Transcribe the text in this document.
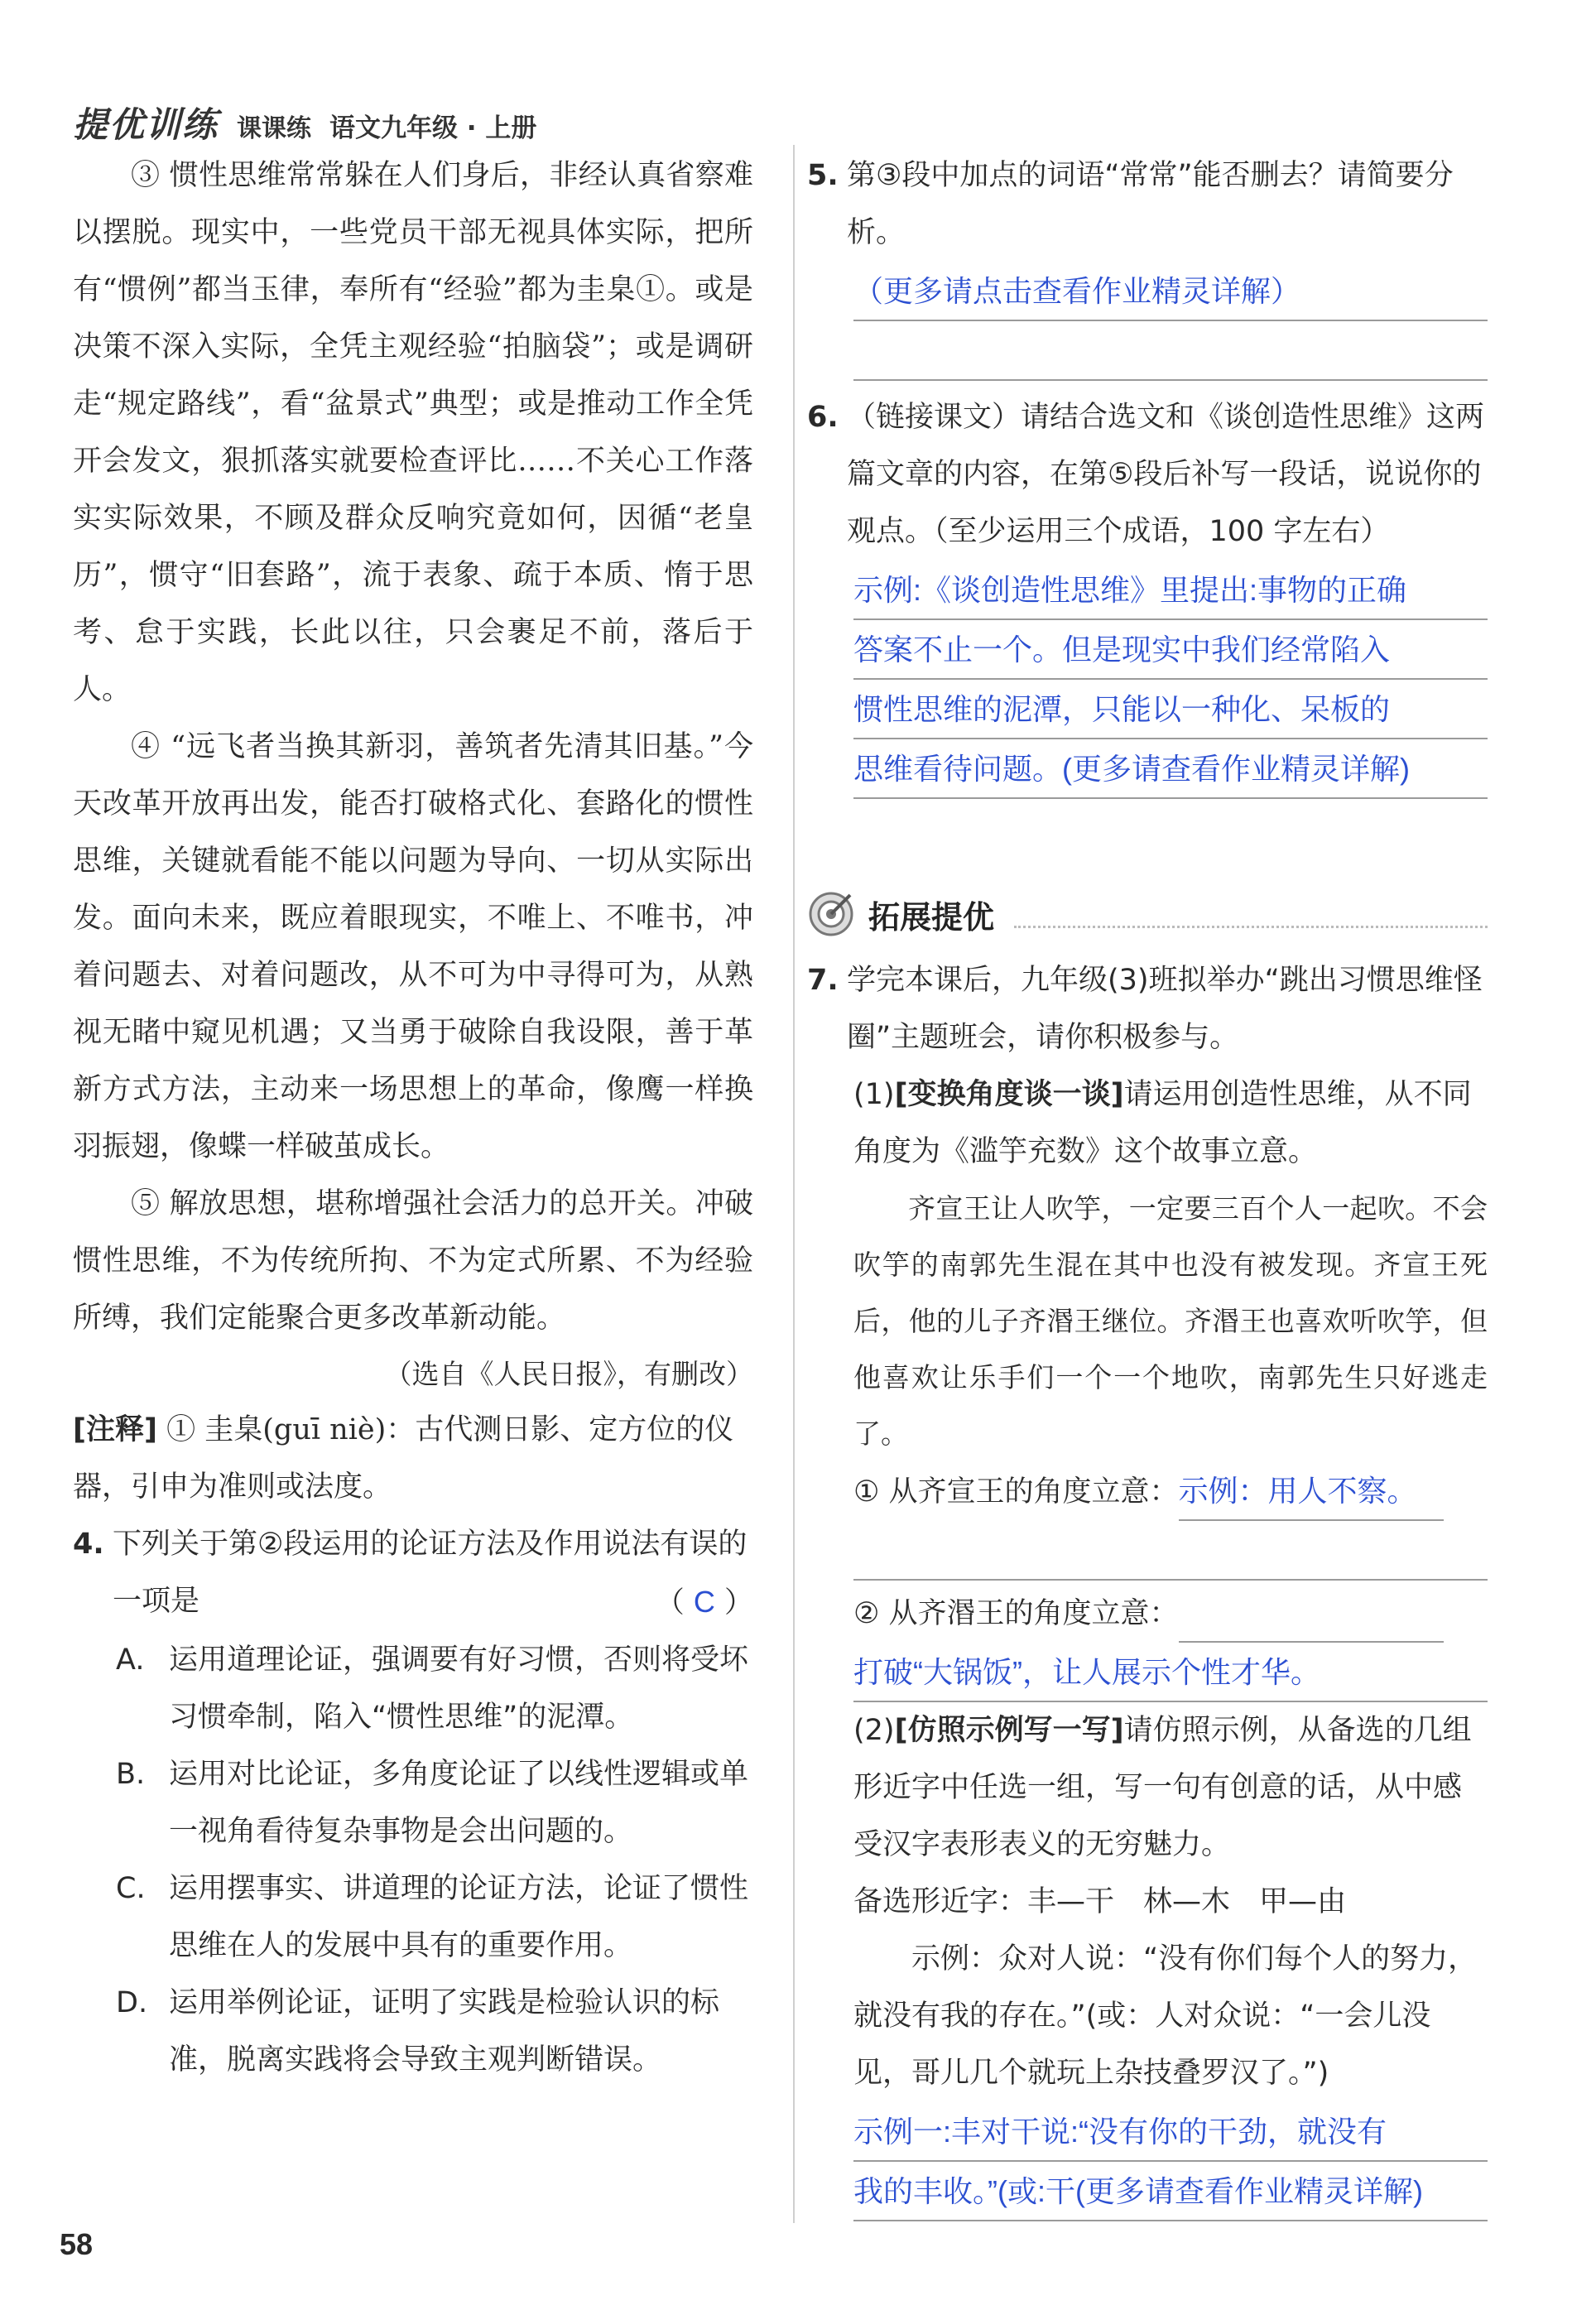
提优训练 课课练 语文九年级 · 上册

③ 惯性思维常常躲在人们身后，非经认真省察难以摆脱。现实中，一些党员干部无视具体实际，把所有“惯例”都当玉律，奉所有“经验”都为圭臬①。或是决策不深入实际，全凭主观经验“拍脑袋”；或是调研走“规定路线”，看“盆景式”典型；或是推动工作全凭开会发文，狠抓落实就要检查评比……不关心工作落实实际效果，不顾及群众反响究竟如何，因循“老皇历”，惯守“旧套路”，流于表象、疏于本质、惰于思考、怠于实践，长此以往，只会裹足不前，落后于人。

④ “远飞者当换其新羽，善筑者先清其旧基。”今天改革开放再出发，能否打破格式化、套路化的惯性思维，关键就看能不能以问题为导向、一切从实际出发。面向未来，既应着眼现实，不唯上、不唯书，冲着问题去、对着问题改，从不可为中寻得可为，从熟视无睹中窥见机遇；又当勇于破除自我设限，善于革新方式方法，主动来一场思想上的革命，像鹰一样换羽振翅，像蝶一样破茧成长。

⑤ 解放思想，堪称增强社会活力的总开关。冲破惯性思维，不为传统所拘、不为定式所累、不为经验所缚，我们定能聚合更多改革新动能。

（选自《人民日报》，有删改）

[注释] ① 圭臬(guī niè)：古代测日影、定方位的仪器，引申为准则或法度。

4. 下列关于第②段运用的论证方法及作用说法有误的一项是	（ C ）
A. 运用道理论证，强调要有好习惯，否则将受坏习惯牵制，陷入“惯性思维”的泥潭。
B. 运用对比论证，多角度论证了以线性逻辑或单一视角看待复杂事物是会出问题的。
C. 运用摆事实、讲道理的论证方法，论证了惯性思维在人的发展中具有的重要作用。
D. 运用举例论证，证明了实践是检验认识的标准，脱离实践将会导致主观判断错误。
5. 第③段中加点的词语“常常”能否删去？请简要分析。
（更多请点击查看作业精灵详解）
6. （链接课文）请结合选文和《谈创造性思维》这两篇文章的内容，在第⑤段后补写一段话，说说你的观点。（至少运用三个成语，100 字左右）
示例:《谈创造性思维》里提出:事物的正确
答案不止一个。但是现实中我们经常陷入
惯性思维的泥潭，只能以一种化、呆板的
思维看待问题。(更多请查看作业精灵详解)
拓展提优
7. 学完本课后，九年级(3)班拟举办“跳出习惯思维怪圈”主题班会，请你积极参与。
(1)[变换角度谈一谈]请运用创造性思维，从不同角度为《滥竽充数》这个故事立意。

齐宣王让人吹竽，一定要三百个人一起吹。不会吹竽的南郭先生混在其中也没有被发现。齐宣王死后，他的儿子齐湣王继位。齐湣王也喜欢听吹竽，但他喜欢让乐手们一个一个地吹，南郭先生只好逃走了。

① 从齐宣王的角度立意：示例：用人不察。
② 从齐湣王的角度立意：
打破“大锅饭”，让人展示个性才华。
(2)[仿照示例写一写]请仿照示例，从备选的几组形近字中任选一组，写一句有创意的话，从中感受汉字表形表义的无穷魅力。
备选形近字：丰—干　林—木　甲—由
示例：众对人说：“没有你们每个人的努力，就没有我的存在。”(或：人对众说：“一会儿没见，哥儿几个就玩上杂技叠罗汉了。”)
示例一:丰对干说:“没有你的干劲，就没有
我的丰收。”(或:干(更多请查看作业精灵详解)
58
